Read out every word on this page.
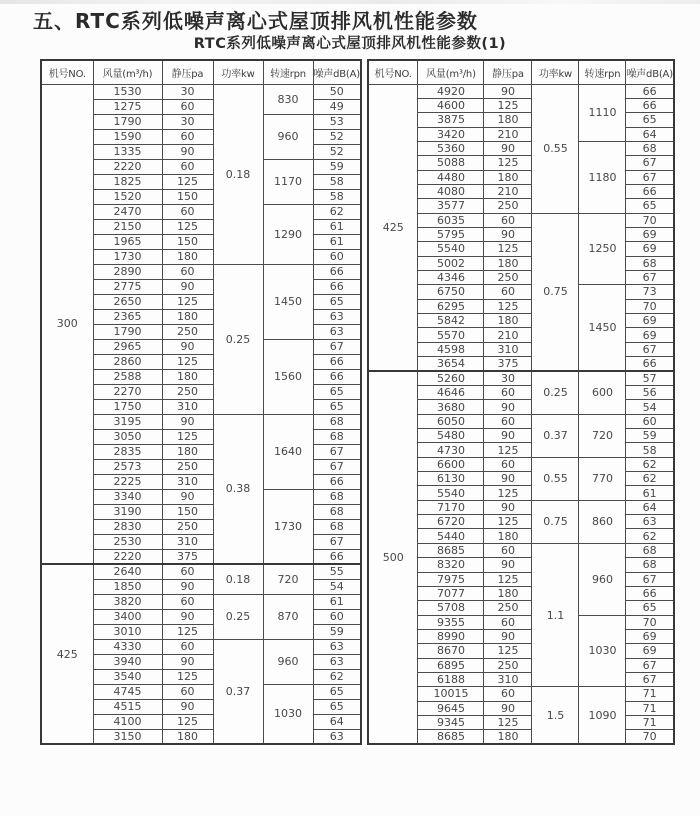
五、RTC系列低噪声离心式屋顶排风机性能参数
RTC系列低噪声离心式屋顶排风机性能参数(1)
机号NO.	风量(m³/h)	静压pa	功率kw	转速rpn	噪声dB(A)
300	1530	30	0.18	830	50
	1275	60			49
	1790	30		960	53
	1590	60			52
	1335	90			52
	2220	60		1170	59
	1825	125			58
	1520	150			58
	2470	60		1290	62
	2150	125			61
	1965	150			61
	1730	180			60
	2890	60	0.25	1450	66
	2775	90			66
	2650	125			65
	2365	180			63
	1790	250			63
	2965	90		1560	67
	2860	125			66
	2588	180			66
	2270	250			65
	1750	310			65
	3195	90	0.38	1640	68
	3050	125			68
	2835	180			67
	2573	250			67
	2225	310			66
	3340	90		1730	68
	3190	150			68
	2830	250			68
	2530	310			67
	2220	375			66
425	2640	60	0.18	720	55
	1850	90			54
	3820	60	0.25	870	61
	3400	90			60
	3010	125			59
	4330	60	0.37	960	63
	3940	90			63
	3540	125			62
	4745	60		1030	65
	4515	90			65
	4100	125			64
	3150	180			63
机号NO.	风量(m³/h)	静压pa	功率kw	转速rpn	噪声dB(A)
425	4920	90	0.55	1110	66
	4600	125			66
	3875	180			65
	3420	210			64
	5360	90		1180	68
	5088	125			67
	4480	180			67
	4080	210			66
	3577	250			65
	6035	60	0.75	1250	70
	5795	90			69
	5540	125			69
	5002	180			68
	4346	250			67
	6750	60		1450	73
	6295	125			70
	5842	180			69
	5570	210			69
	4598	310			67
	3654	375			66
500	5260	30	0.25	600	57
	4646	60			56
	3680	90			54
	6050	60	0.37	720	60
	5480	90			59
	4730	125			58
	6600	60	0.55	770	62
	6130	90			62
	5540	125			61
	7170	90	0.75	860	64
	6720	125			63
	5440	180			62
	8685	60	1.1	960	68
	8320	90			68
	7975	125			67
	7077	180			66
	5708	250			65
	9355	60		1030	70
	8990	90			69
	8670	125			69
	6895	250			67
	6188	310			67
	10015	60	1.5	1090	71
	9645	90			71
	9345	125			71
	8685	180			70
